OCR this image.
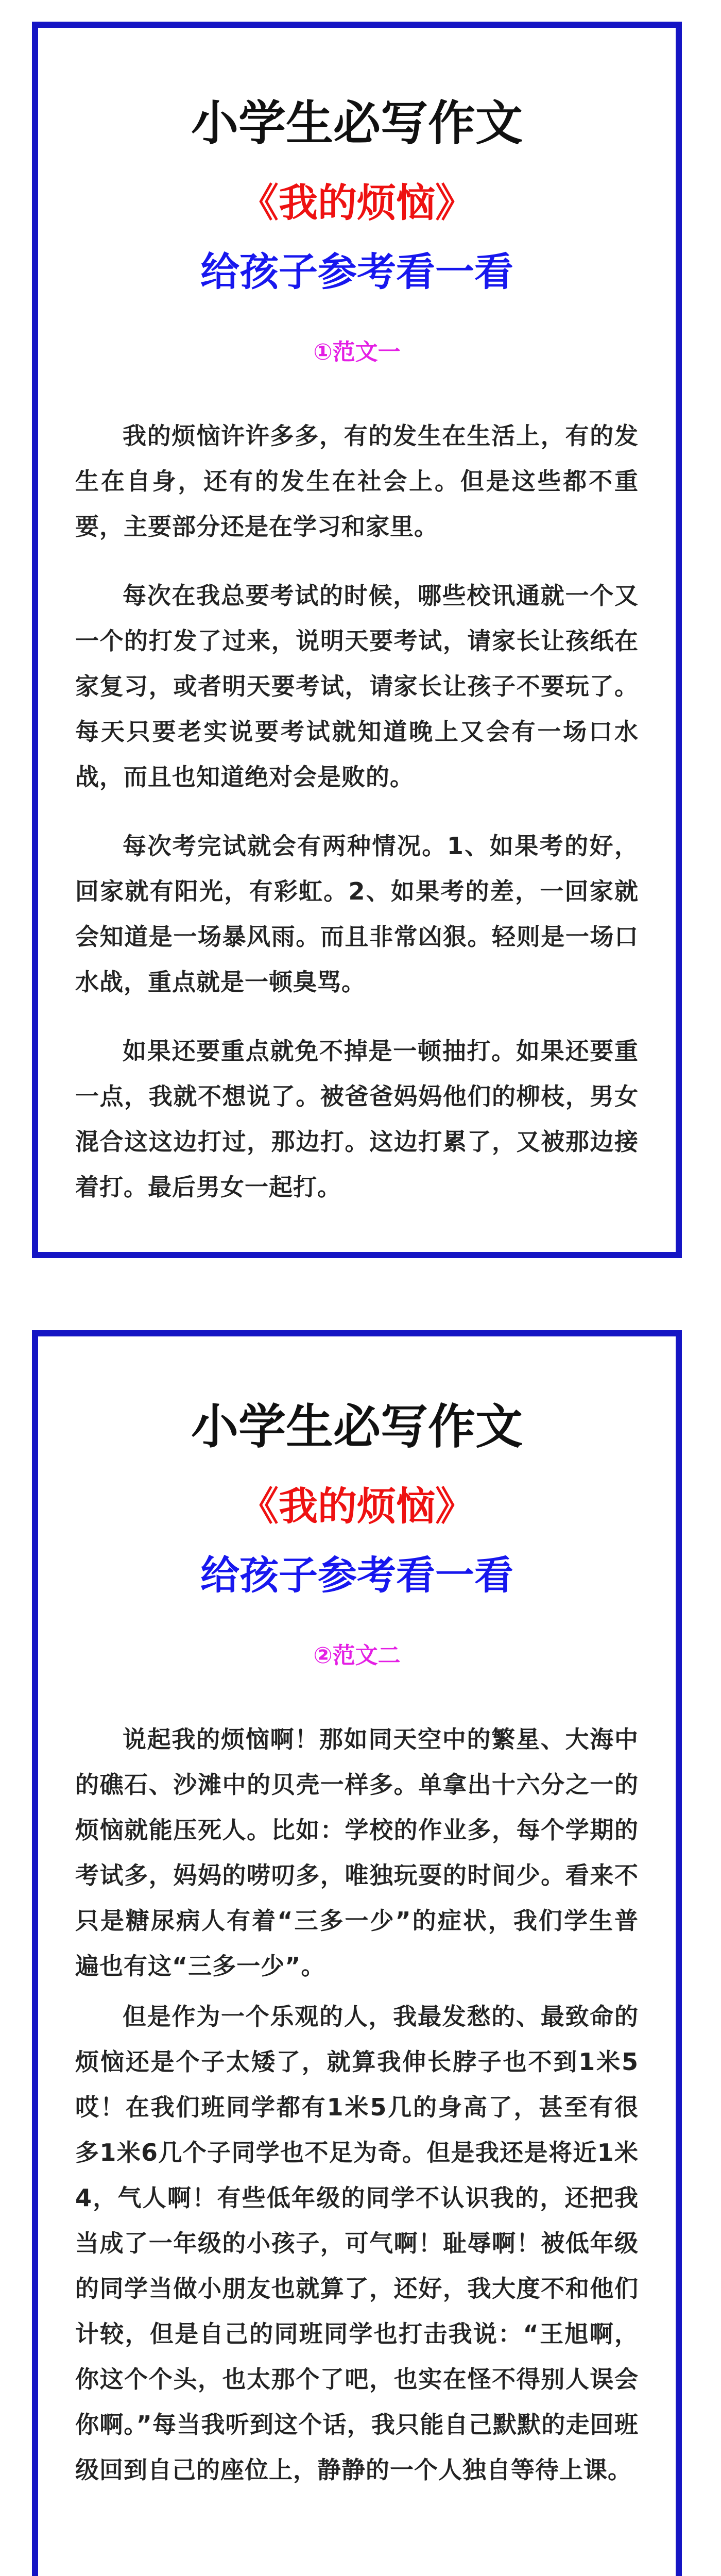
小学生必写作文
《我的烦恼》
给孩子参考看一看
①范文一

我的烦恼许许多多，有的发生在生活上，有的发生在自身，还有的发生在社会上。但是这些都不重要，主要部分还是在学习和家里。

每次在我总要考试的时候，哪些校讯通就一个又一个的打发了过来，说明天要考试，请家长让孩纸在家复习，或者明天要考试，请家长让孩子不要玩了。每天只要老实说要考试就知道晚上又会有一场口水战，而且也知道绝对会是败的。

每次考完试就会有两种情况。1、如果考的好，回家就有阳光，有彩虹。2、如果考的差，一回家就会知道是一场暴风雨。而且非常凶狠。轻则是一场口水战，重点就是一顿臭骂。

如果还要重点就免不掉是一顿抽打。如果还要重一点，我就不想说了。被爸爸妈妈他们的柳枝，男女混合这这边打过，那边打。这边打累了，又被那边接着打。最后男女一起打。

小学生必写作文
《我的烦恼》
给孩子参考看一看
②范文二

说起我的烦恼啊！那如同天空中的繁星、大海中的礁石、沙滩中的贝壳一样多。单拿出十六分之一的烦恼就能压死人。比如：学校的作业多，每个学期的考试多，妈妈的唠叨多，唯独玩耍的时间少。看来不只是糖尿病人有着“三多一少”的症状，我们学生普遍也有这“三多一少”。

但是作为一个乐观的人，我最发愁的、最致命的烦恼还是个子太矮了，就算我伸长脖子也不到1米5哎！在我们班同学都有1米5几的身高了，甚至有很多1米6几个子同学也不足为奇。但是我还是将近1米4，气人啊！有些低年级的同学不认识我的，还把我当成了一年级的小孩子，可气啊！耻辱啊！被低年级的同学当做小朋友也就算了，还好，我大度不和他们计较，但是自己的同班同学也打击我说：“王旭啊，你这个个头，也太那个了吧，也实在怪不得别人误会你啊。”每当我听到这个话，我只能自己默默的走回班级回到自己的座位上，静静的一个人独自等待上课。
